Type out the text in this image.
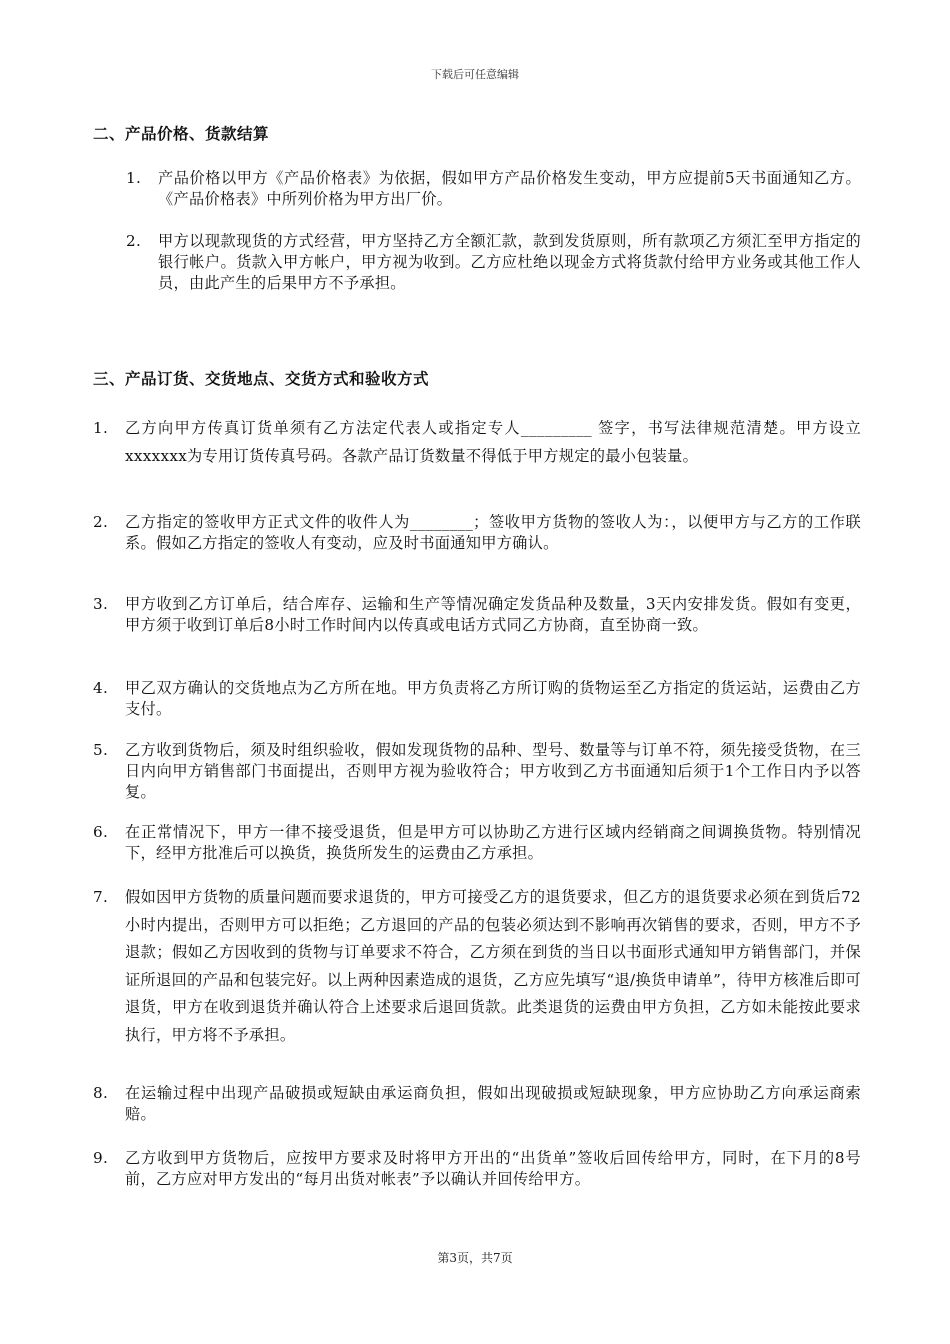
下载后可任意编辑
二、产品价格、货款结算
1. 产品价格以甲方《产品价格表》为依据，假如甲方产品价格发生变动，甲方应提前5天书面通知乙方。《产品价格表》中所列价格为甲方出厂价。
2. 甲方以现款现货的方式经营，甲方坚持乙方全额汇款，款到发货原则，所有款项乙方须汇至甲方指定的银行帐户。货款入甲方帐户，甲方视为收到。乙方应杜绝以现金方式将货款付给甲方业务或其他工作人员，由此产生的后果甲方不予承担。
三、产品订货、交货地点、交货方式和验收方式
1. 乙方向甲方传真订货单须有乙方法定代表人或指定专人_________ 签字，书写法律规范清楚。甲方设立xxxxxxx为专用订货传真号码。各款产品订货数量不得低于甲方规定的最小包装量。
2. 乙方指定的签收甲方正式文件的收件人为________；签收甲方货物的签收人为：，以便甲方与乙方的工作联系。假如乙方指定的签收人有变动，应及时书面通知甲方确认。
3. 甲方收到乙方订单后，结合库存、运输和生产等情况确定发货品种及数量，3天内安排发货。假如有变更，甲方须于收到订单后8小时工作时间内以传真或电话方式同乙方协商，直至协商一致。
4. 甲乙双方确认的交货地点为乙方所在地。甲方负责将乙方所订购的货物运至乙方指定的货运站，运费由乙方支付。
5. 乙方收到货物后，须及时组织验收，假如发现货物的品种、型号、数量等与订单不符，须先接受货物，在三日内向甲方销售部门书面提出，否则甲方视为验收符合；甲方收到乙方书面通知后须于1个工作日内予以答复。
6. 在正常情况下，甲方一律不接受退货，但是甲方可以协助乙方进行区域内经销商之间调换货物。特别情况下，经甲方批准后可以换货，换货所发生的运费由乙方承担。
7. 假如因甲方货物的质量问题而要求退货的，甲方可接受乙方的退货要求，但乙方的退货要求必须在到货后72小时内提出，否则甲方可以拒绝；乙方退回的产品的包装必须达到不影响再次销售的要求，否则，甲方不予退款；假如乙方因收到的货物与订单要求不符合，乙方须在到货的当日以书面形式通知甲方销售部门，并保证所退回的产品和包装完好。以上两种因素造成的退货，乙方应先填写“退/换货申请单”，待甲方核准后即可退货，甲方在收到退货并确认符合上述要求后退回货款。此类退货的运费由甲方负担，乙方如未能按此要求执行，甲方将不予承担。
8. 在运输过程中出现产品破损或短缺由承运商负担，假如出现破损或短缺现象，甲方应协助乙方向承运商索赔。
9. 乙方收到甲方货物后，应按甲方要求及时将甲方开出的“出货单”签收后回传给甲方，同时，在下月的8号前，乙方应对甲方发出的“每月出货对帐表”予以确认并回传给甲方。
第3页，共7页
